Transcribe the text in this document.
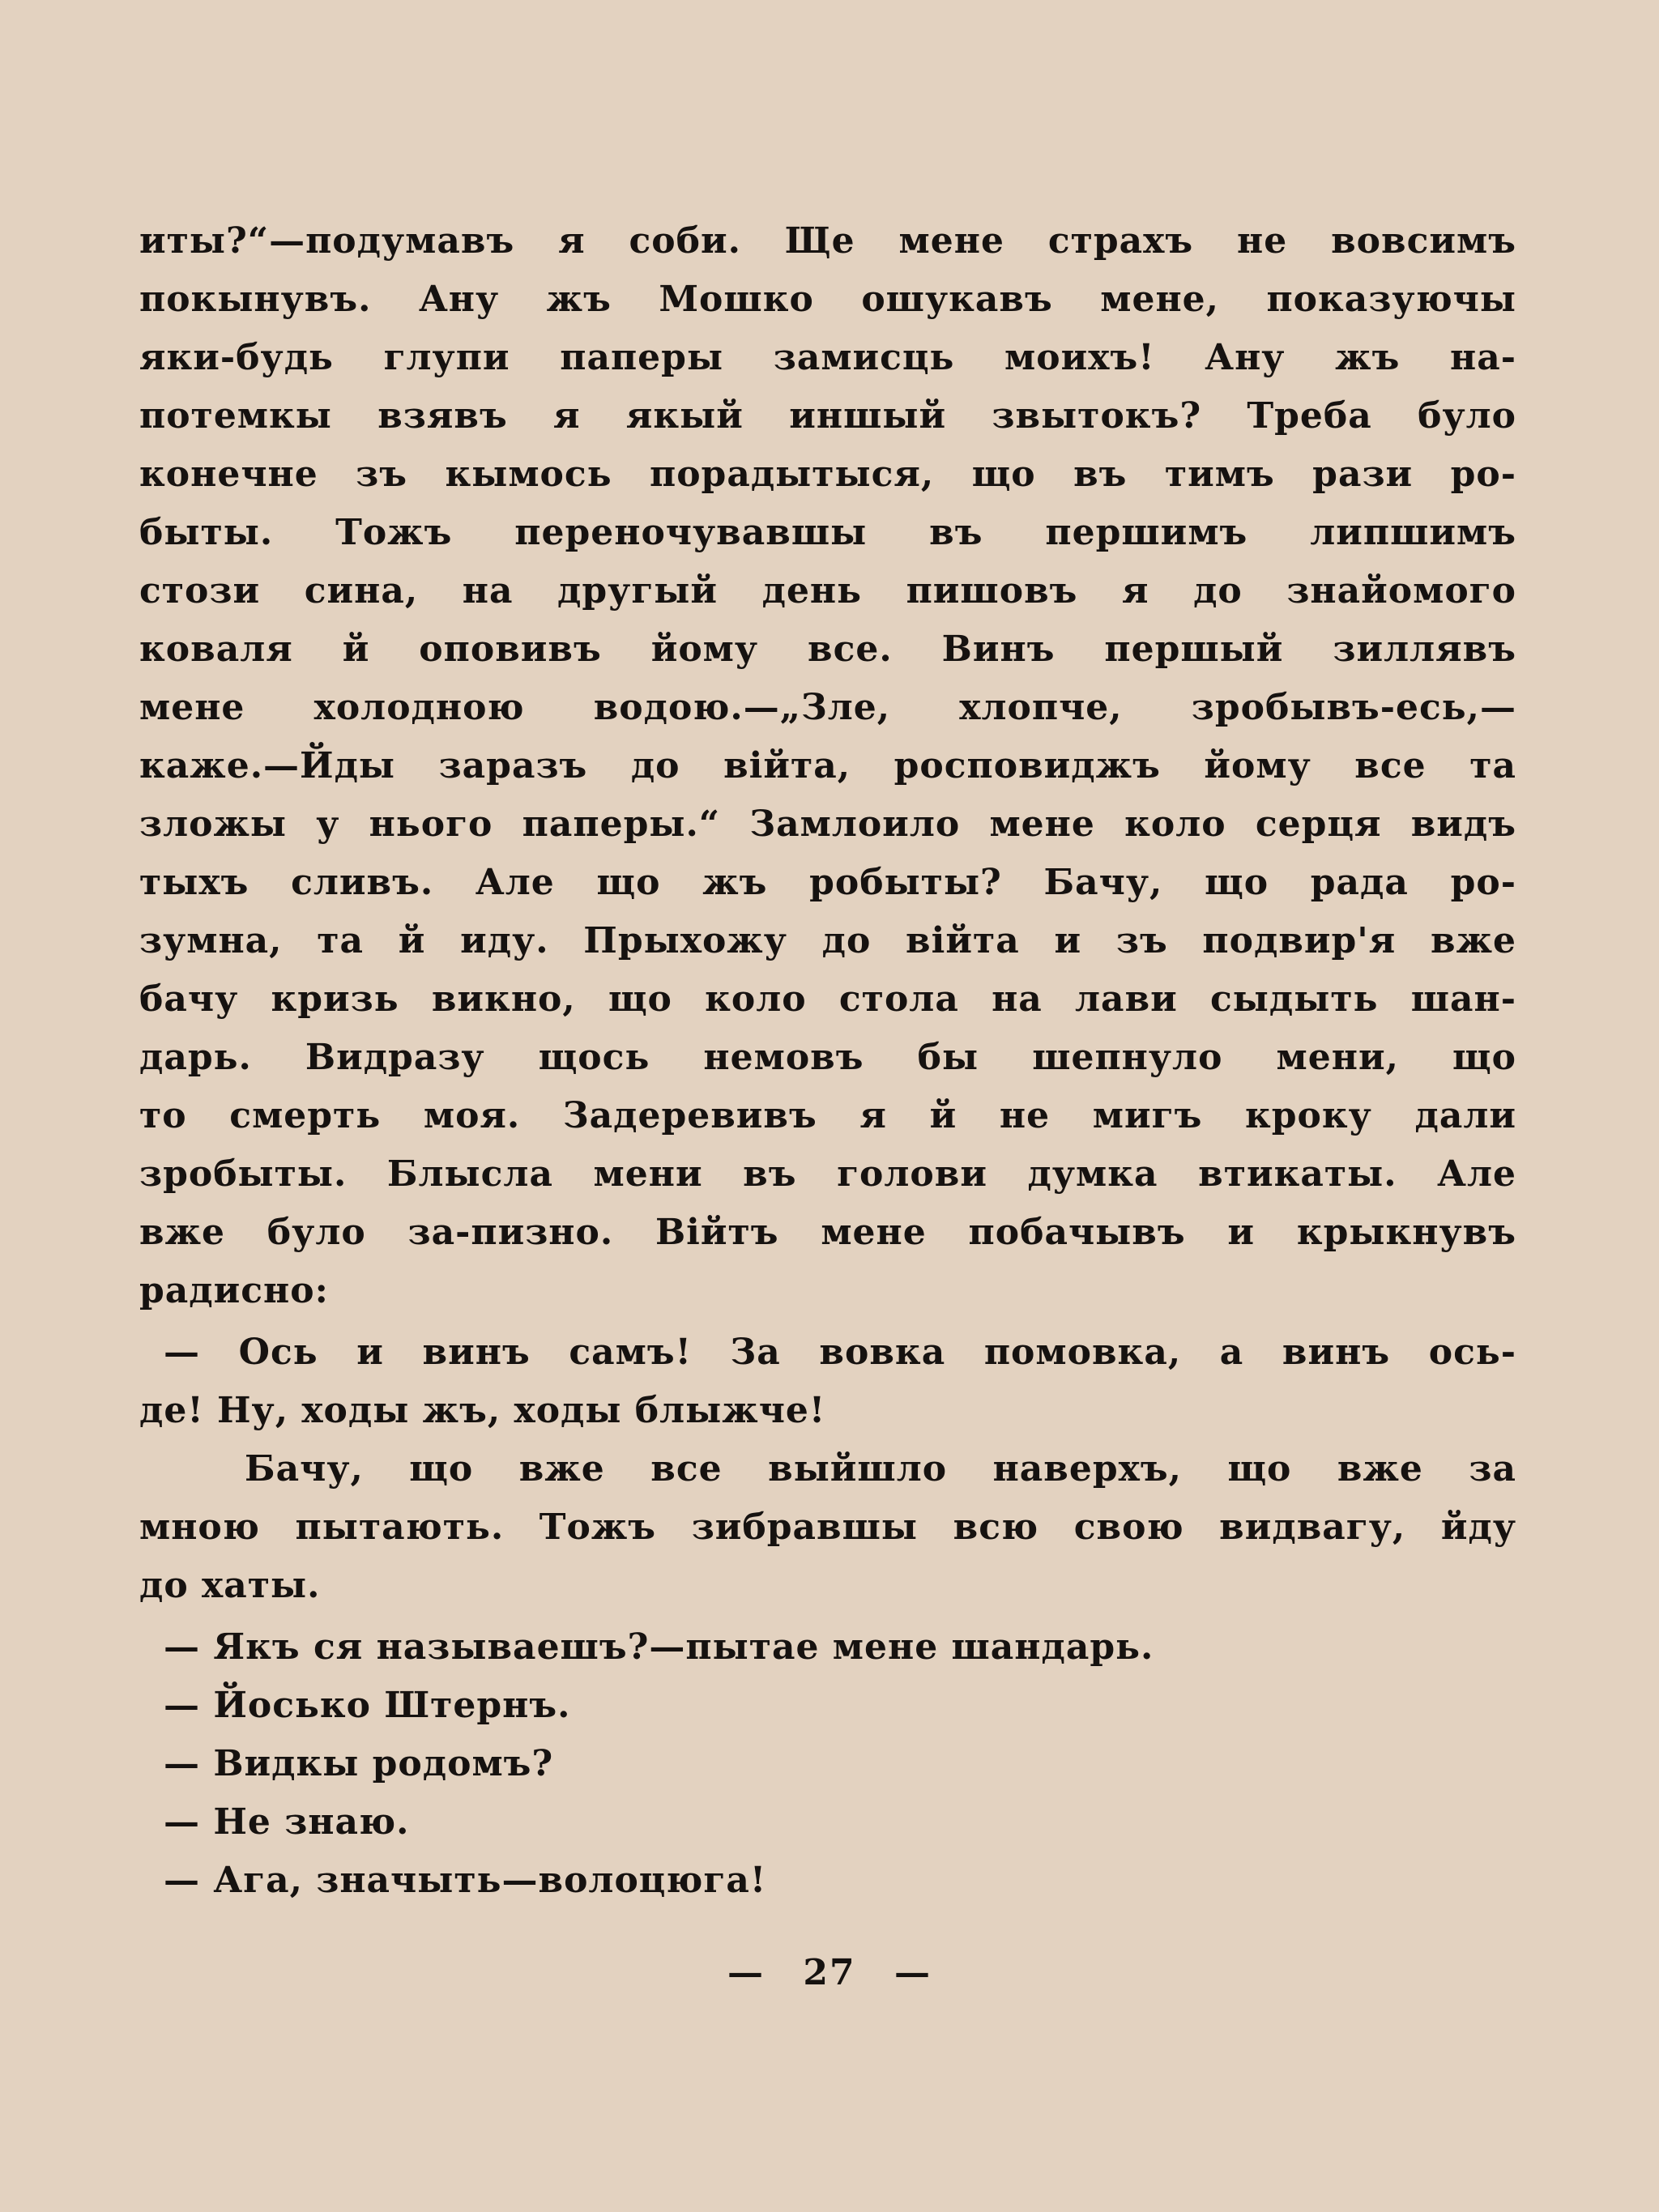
иты?“—подумавъ я соби. Ще мене страхъ не вовсимъ
покынувъ. Ану жъ Мошко ошукавъ мене, показуючы
яки-будь глупи паперы замисць моихъ! Ану жъ на-
потемкы взявъ я якый иншый звытокъ? Треба було
конечне зъ кымось порадытыся, що въ тимъ рази ро-
быты. Тожъ переночувавшы въ першимъ липшимъ
стози сина, на другый день пишовъ я до знайомого
коваля й оповивъ йому все. Винъ першый зиллявъ
мене холодною водою.—„Зле, хлопче, зробывъ-есь,—
каже.—Йды заразъ до війта, росповиджъ йому все та
зложы у нього паперы.“ Замлоило мене коло серця видъ
тыхъ сливъ. Але що жъ робыты? Бачу, що рада ро-
зумна, та й иду. Прыхожу до війта и зъ подвир'я вже
бачу кризь викно, що коло стола на лави сыдыть шан-
дарь. Видразу щось немовъ бы шепнуло мени, що
то смерть моя. Задеревивъ я й не мигъ кроку дали
зробыты. Блысла мени въ голови думка втикаты. Але
вже було за-пизно. Війтъ мене побачывъ и крыкнувъ
радисно:
— Ось и винъ самъ! За вовка помовка, а винъ ось-
де! Ну, ходы жъ, ходы блыжче!
Бачу, що вже все выйшло наверхъ, що вже за
мною пытають. Тожъ зибравшы всю свою видвагу, йду
до хаты.
— Якъ ся называешъ?—пытае мене шандарь.
— Йосько Штернъ.
— Видкы родомъ?
— Не знаю.
— Ага, значыть—волоцюга!
— 27 —
